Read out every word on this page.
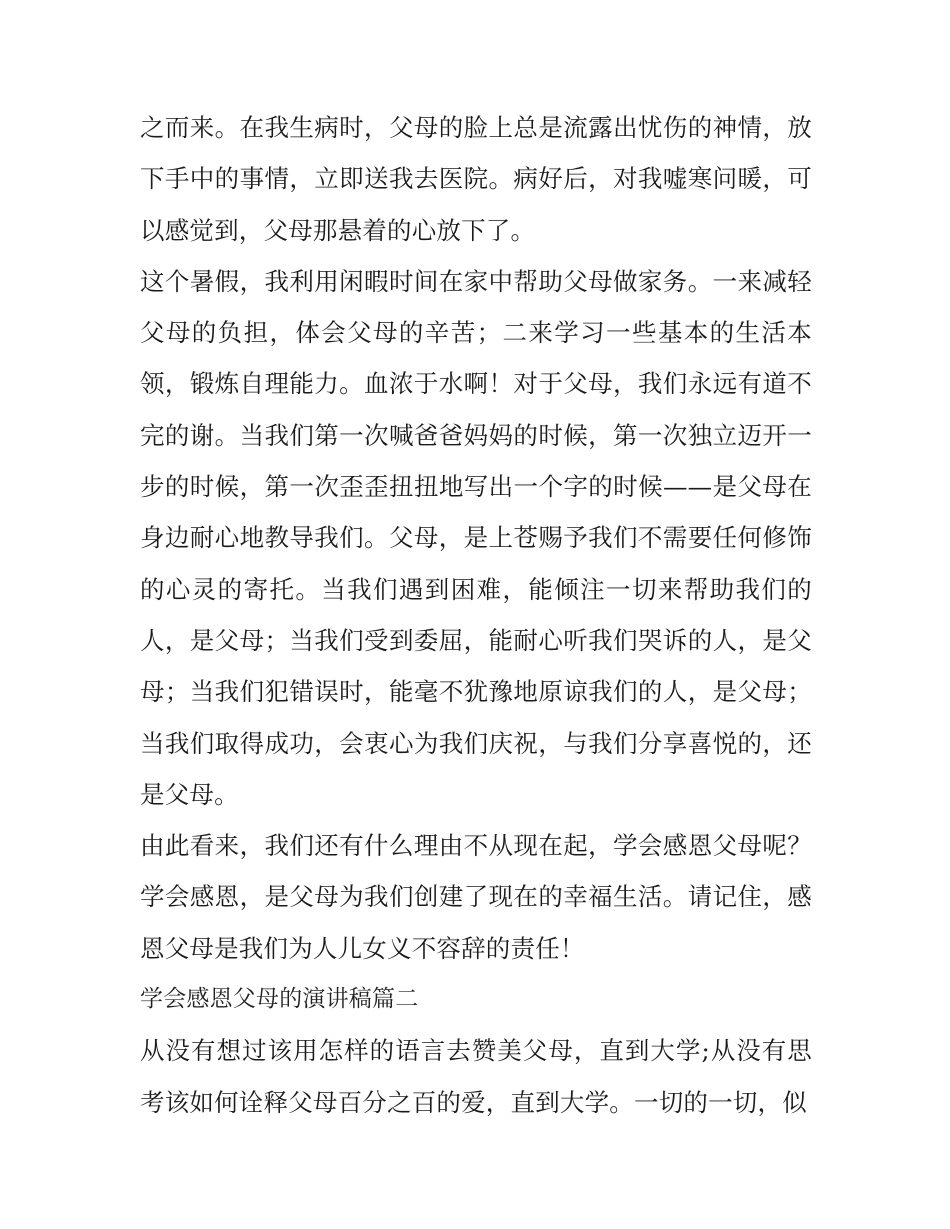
之而来。在我生病时，父母的脸上总是流露出忧伤的神情，放下手中的事情，立即送我去医院。病好后，对我嘘寒问暖，可以感觉到，父母那悬着的心放下了。

这个暑假，我利用闲暇时间在家中帮助父母做家务。一来减轻父母的负担，体会父母的辛苦；二来学习一些基本的生活本领，锻炼自理能力。血浓于水啊！对于父母，我们永远有道不完的谢。当我们第一次喊爸爸妈妈的时候，第一次独立迈开一步的时候，第一次歪歪扭扭地写出一个字的时候——是父母在身边耐心地教导我们。父母，是上苍赐予我们不需要任何修饰的心灵的寄托。当我们遇到困难，能倾注一切来帮助我们的人，是父母；当我们受到委屈，能耐心听我们哭诉的人，是父母；当我们犯错误时，能毫不犹豫地原谅我们的人，是父母；当我们取得成功，会衷心为我们庆祝，与我们分享喜悦的，还是父母。

由此看来，我们还有什么理由不从现在起，学会感恩父母呢？学会感恩，是父母为我们创建了现在的幸福生活。请记住，感恩父母是我们为人儿女义不容辞的责任！

学会感恩父母的演讲稿篇二

从没有想过该用怎样的语言去赞美父母，直到大学;从没有思考该如何诠释父母百分之百的爱，直到大学。一切的一切，似
